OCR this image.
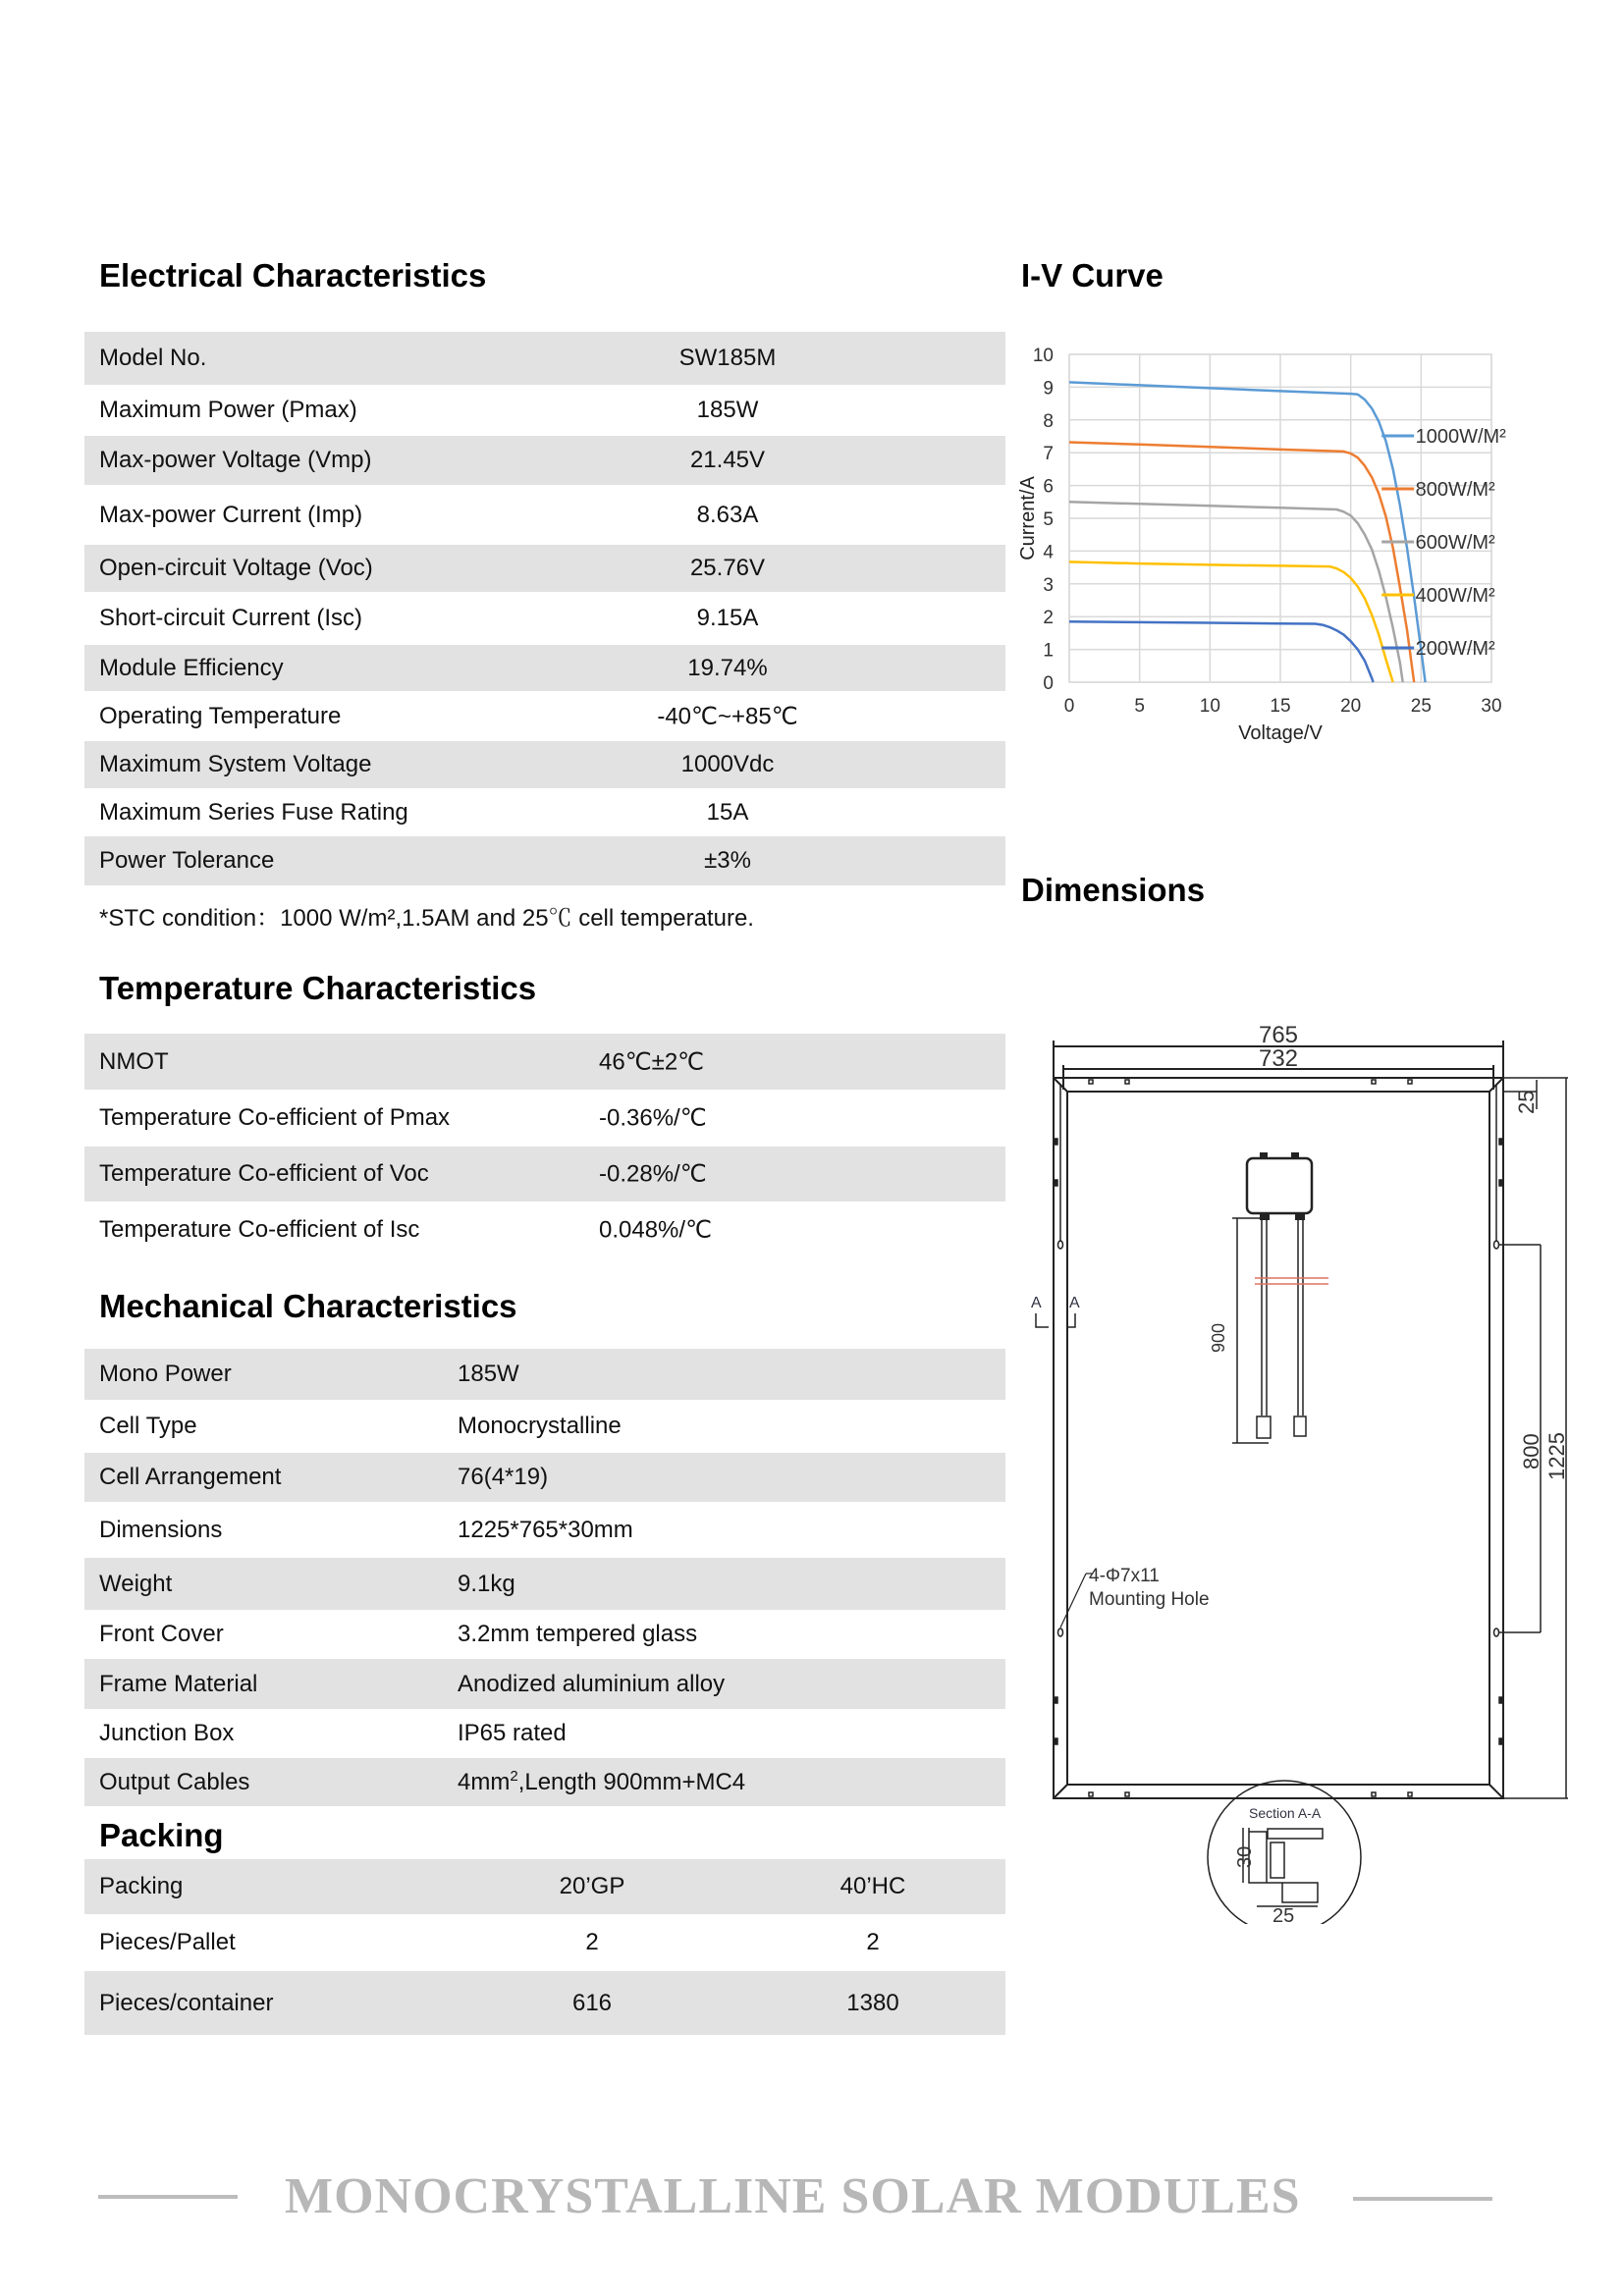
Electrical Characteristics
Model No.	SW185M
Maximum Power (Pmax)	185W
Max-power Voltage (Vmp)	21.45V
Max-power Current (Imp)	8.63A
Open-circuit Voltage (Voc)	25.76V
Short-circuit Current (Isc)	9.15A
Module Efficiency	19.74%
Operating Temperature	-40℃~+85℃
Maximum System Voltage	1000Vdc
Maximum Series Fuse Rating	15A
Power Tolerance	±3%
*STC condition：1000 W/m²,1.5AM and 25℃ cell temperature.
Temperature Characteristics
NMOT	46℃±2℃
Temperature Co-efficient of Pmax	-0.36%/℃
Temperature Co-efficient of Voc	-0.28%/℃
Temperature Co-efficient of Isc	0.048%/℃
Mechanical Characteristics
Mono Power	185W
Cell Type	Monocrystalline
Cell Arrangement	76(4*19)
Dimensions	1225*765*30mm
Weight	9.1kg
Front Cover	3.2mm tempered glass
Frame Material	Anodized aluminium alloy
Junction Box	IP65 rated
Output Cables	$4mm^2,Length$ 900mm+MC4
Packing
Packing	20’GP	40’HC
Pieces/Pallet	2	2
Pieces/container	616	1380
I-V Curve
0
1
2
3
4
5
6
7
8
9
10
0	5	10	15	20	25	30
Voltage/V
Current/A
1000W/M²
800W/M²
600W/M²
400W/M²
200W/M²
Dimensions
765
732
25
800 1225
900
A A
4-Φ7x11
Mounting Hole
Section A-A
30
25
MONOCRYSTALLINE SOLAR MODULES
